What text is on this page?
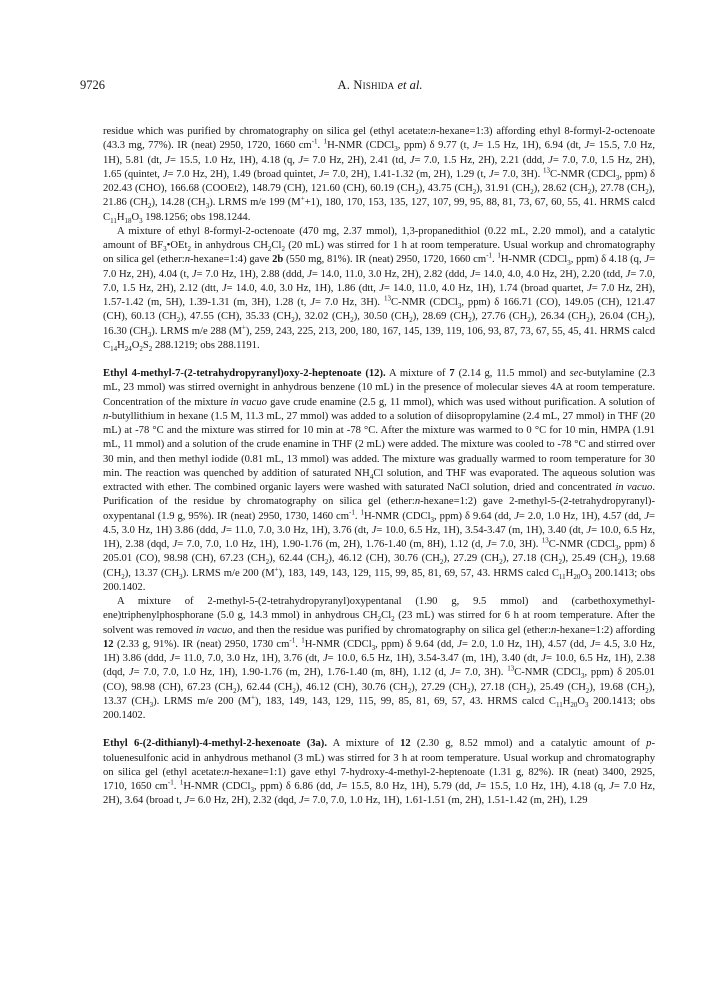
9726	A. Nishida et al.

residue which was purified by chromatography on silica gel (ethyl acetate:n-hexane=1:3) affording ethyl 8-formyl-2-octenoate (43.3 mg, 77%). IR (neat) 2950, 1720, 1660 $cm^{-1}$. $^1$H-NMR (CDCl$_3$, ppm) δ 9.77 (t, J= 1.5 Hz, 1H), 6.94 (dt, J= 15.5, 7.0 Hz, 1H), 5.81 (dt, J= 15.5, 1.0 Hz, 1H), 4.18 (q, J= 7.0 Hz, 2H), 2.41 (td, J= 7.0, 1.5 Hz, 2H), 2.21 (ddd, J= 7.0, 7.0, 1.5 Hz, 2H), 1.65 (quintet, J= 7.0 Hz, 2H), 1.49 (broad quintet, J= 7.0, 2H), 1.41-1.32 (m, 2H), 1.29 (t, J= 7.0, 3H). $^{13}$C-NMR (CDCl$_3$, ppm) δ 202.43 (CHO), 166.68 (COOEt2), 148.79 (CH), 121.60 (CH), 60.19 $(CH_2)$, 43.75 $(CH_2)$, 31.91 $(CH_2)$, 28.62 $(CH_2)$, 27.78 $(CH_2)$, 21.86 $(CH_2)$, 14.28 $(CH_3)$. LRMS m/e 199 (M++1), 180, 170, 153, 135, 127, 107, 99, 95, 88, 81, 73, 67, 60, 55, 41. HRMS calcd $C_{11}H_{18}O_3$ 198.1256; obs 198.1244.

A mixture of ethyl 8-formyl-2-octenoate (470 mg, 2.37 mmol), 1,3-propanedithiol (0.22 mL, 2.20 mmol), and a catalytic amount of $BF_3•OEt_2$ in anhydrous $CH_2Cl_2$ (20 mL) was stirred for 1 h at room temperature. Usual workup and chromatography on silica gel (ether:n-hexane=1:4) gave 2b (550 mg, 81%). IR (neat) 2950, 1720, 1660 $cm^{-1}$. $^1$H-NMR (CDCl$_3$, ppm) δ 4.18 (q, J= 7.0 Hz, 2H), 4.04 (t, J= 7.0 Hz, 1H), 2.88 (ddd, J= 14.0, 11.0, 3.0 Hz, 2H), 2.82 (ddd, J= 14.0, 4.0, 4.0 Hz, 2H), 2.20 (tdd, J= 7.0, 7.0, 1.5 Hz, 2H), 2.12 (dtt, J= 14.0, 4.0, 3.0 Hz, 1H), 1.86 (dtt, J= 14.0, 11.0, 4.0 Hz, 1H), 1.74 (broad quartet, J= 7.0 Hz, 2H), 1.57-1.42 (m, 5H), 1.39-1.31 (m, 3H), 1.28 (t, J= 7.0 Hz, 3H). $^{13}$C-NMR (CDCl$_3$, ppm) δ 166.71 (CO), 149.05 (CH), 121.47 (CH), 60.13 $(CH_2)$, 47.55 (CH), 35.33 $(CH_2)$, 32.02 $(CH_2)$, 30.50 $(CH_2)$, 28.69 $(CH_2)$, 27.76 $(CH_2)$, 26.34 $(CH_2)$, 26.04 $(CH_2)$, 16.30 $(CH_3)$. LRMS m/e 288 (M+), 259, 243, 225, 213, 200, 180, 167, 145, 139, 119, 106, 93, 87, 73, 67, 55, 45, 41. HRMS calcd $C_{14}H_{24}O_2S_2$ 288.1219; obs 288.1191.

Ethyl 4-methyl-7-(2-tetrahydropyranyl)oxy-2-heptenoate (12). A mixture of 7 (2.14 g, 11.5 mmol) and sec-butylamine (2.3 mL, 23 mmol) was stirred overnight in anhydrous benzene (10 mL) in the presence of molecular sieves 4A at room temperature. Concentration of the mixture in vacuo gave crude enamine (2.5 g, 11 mmol), which was used without purification. A solution of n-butyllithium in hexane (1.5 M, 11.3 mL, 27 mmol) was added to a solution of diisopropylamine (2.4 mL, 27 mmol) in THF (20 mL) at -78 °C and the mixture was stirred for 10 min at -78 °C. After the mixture was warmed to 0 °C for 10 min, HMPA (1.91 mL, 11 mmol) and a solution of the crude enamine in THF (2 mL) were added. The mixture was cooled to -78 °C and stirred over 30 min, and then methyl iodide (0.81 mL, 13 mmol) was added. The mixture was gradually warmed to room temperature for 30 min. The reaction was quenched by addition of saturated $NH_4Cl$ solution, and THF was evaporated. The aqueous solution was extracted with ether. The combined organic layers were washed with saturated NaCl solution, dried and concentrated in vacuo. Purification of the residue by chromatography on silica gel (ether:n-hexane=1:2) gave 2-methyl-5-(2-tetrahydropyranyl)-oxypentanal (1.9 g, 95%). IR (neat) 2950, 1730, 1460 $cm^{-1}$. $^1$H-NMR (CDCl$_3$, ppm) δ 9.64 (dd, J= 2.0, 1.0 Hz, 1H), 4.57 (dd, J= 4.5, 3.0 Hz, 1H) 3.86 (ddd, J= 11.0, 7.0, 3.0 Hz, 1H), 3.76 (dt, J= 10.0, 6.5 Hz, 1H), 3.54-3.47 (m, 1H), 3.40 (dt, J= 10.0, 6.5 Hz, 1H), 2.38 (dqd, J= 7.0, 7.0, 1.0 Hz, 1H), 1.90-1.76 (m, 2H), 1.76-1.40 (m, 8H), 1.12 (d, J= 7.0, 3H). $^{13}$C-NMR (CDCl$_3$, ppm) δ 205.01 (CO), 98.98 (CH), 67.23 $(CH_2)$, 62.44 $(CH_2)$, 46.12 (CH), 30.76 $(CH_2)$, 27.29 $(CH_2)$, 27.18 $(CH_2)$, 25.49 $(CH_2)$, 19.68 $(CH_2)$, 13.37 $(CH_3)$. LRMS m/e 200 (M+), 183, 149, 143, 129, 115, 99, 85, 81, 69, 57, 43. HRMS calcd $C_{11}H_{20}O_3$ 200.1413; obs 200.1402.

A mixture of 2-methyl-5-(2-tetrahydropyranyl)oxypentanal (1.90 g, 9.5 mmol) and (carbethoxymethyl-ene)triphenylphosphorane (5.0 g, 14.3 mmol) in anhydrous $CH_2Cl_2$ (23 mL) was stirred for 6 h at room temperature. After the solvent was removed in vacuo, and then the residue was purified by chromatography on silica gel (ether:n-hexane=1:2) affording 12 (2.33 g, 91%). IR (neat) 2950, 1730 $cm^{-1}$. $^1$H-NMR (CDCl$_3$, ppm) δ 9.64 (dd, J= 2.0, 1.0 Hz, 1H), 4.57 (dd, J= 4.5, 3.0 Hz, 1H) 3.86 (ddd, J= 11.0, 7.0, 3.0 Hz, 1H), 3.76 (dt, J= 10.0, 6.5 Hz, 1H), 3.54-3.47 (m, 1H), 3.40 (dt, J= 10.0, 6.5 Hz, 1H), 2.38 (dqd, J= 7.0, 7.0, 1.0 Hz, 1H), 1.90-1.76 (m, 2H), 1.76-1.40 (m, 8H), 1.12 (d, J= 7.0, 3H). $^{13}$C-NMR (CDCl$_3$, ppm) δ 205.01 (CO), 98.98 (CH), 67.23 $(CH_2)$, 62.44 $(CH_2)$, 46.12 (CH), 30.76 $(CH_2)$, 27.29 $(CH_2)$, 27.18 $(CH_2)$, 25.49 $(CH_2)$, 19.68 $(CH_2)$, 13.37 $(CH_3)$. LRMS m/e 200 (M+), 183, 149, 143, 129, 115, 99, 85, 81, 69, 57, 43. HRMS calcd $C_{11}H_{20}O_3$ 200.1413; obs 200.1402.

Ethyl 6-(2-dithianyl)-4-methyl-2-hexenoate (3a). A mixture of 12 (2.30 g, 8.52 mmol) and a catalytic amount of p-toluenesulfonic acid in anhydrous methanol (3 mL) was stirred for 3 h at room temperature. Usual workup and chromatography on silica gel (ethyl acetate:n-hexane=1:1) gave ethyl 7-hydroxy-4-methyl-2-heptenoate (1.31 g, 82%). IR (neat) 3400, 2925, 1710, 1650 $cm^{-1}$. $^1$H-NMR (CDCl$_3$, ppm) δ 6.86 (dd, J= 15.5, 8.0 Hz, 1H), 5.79 (dd, J= 15.5, 1.0 Hz, 1H), 4.18 (q, J= 7.0 Hz, 2H), 3.64 (broad t, J= 6.0 Hz, 2H), 2.32 (dqd, J= 7.0, 7.0, 1.0 Hz, 1H), 1.61-1.51 (m, 2H), 1.51-1.42 (m, 2H), 1.29
